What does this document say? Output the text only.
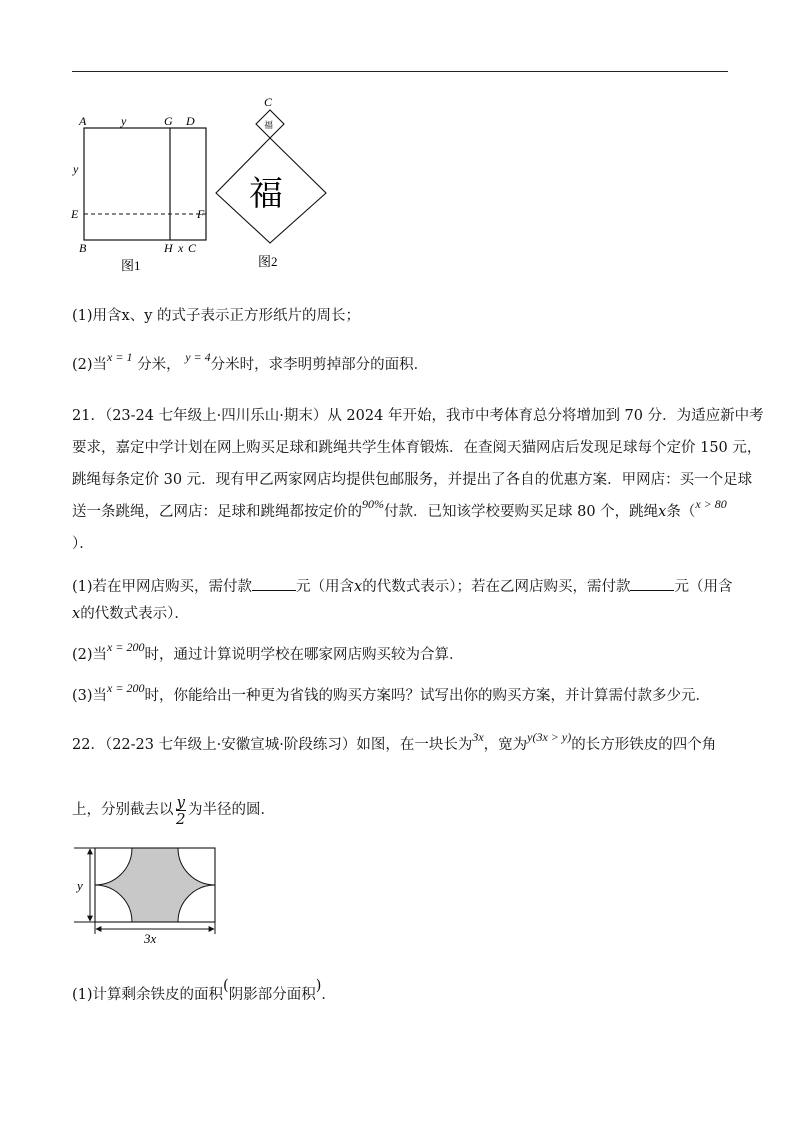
A	y	G D
y
E	F
B	H x C
图1
C
福
福
图2
(1)用含x、y 的式子表示正方形纸片的周长；
(2)当$^{x = 1}$ 分米， $^{y = 4}$分米时，求李明剪掉部分的面积．
21．（23-24 七年级上·四川乐山·期末）从 2024 年开始，我市中考体育总分将增加到 70 分．为适应新中考
要求，嘉定中学计划在网上购买足球和跳绳共学生体育锻炼．在查阅天猫网店后发现足球每个定价 150 元，
跳绳每条定价 30 元．现有甲乙两家网店均提供包邮服务，并提出了各自的优惠方案．甲网店：买一个足球
送一条跳绳，乙网店：足球和跳绳都按定价的$^{90\%}$付款．已知该学校要购买足球 80 个，跳绳x条（$^{x > 80}$
）．
(1)若在甲网店购买，需付款	元（用含x的代数式表示）；若在乙网店购买，需付款	元（用含
x的代数式表示）．
(2)当$^{x = 200}$时，通过计算说明学校在哪家网店购买较为合算．
(3)当$^{x = 200}$时，你能给出一种更为省钱的购买方案吗？试写出你的购买方案，并计算需付款多少元．
22．（22-23 七年级上·安徽宣城·阶段练习）如图，在一块长为$^{3x}$，宽为$^{y(3x > y)}$的长方形铁皮的四个角
上，分别截去以 $\frac{y}{2}$ 为半径的圆．
y
3x
(1)计算剩余铁皮的面积(阴影部分面积)．
